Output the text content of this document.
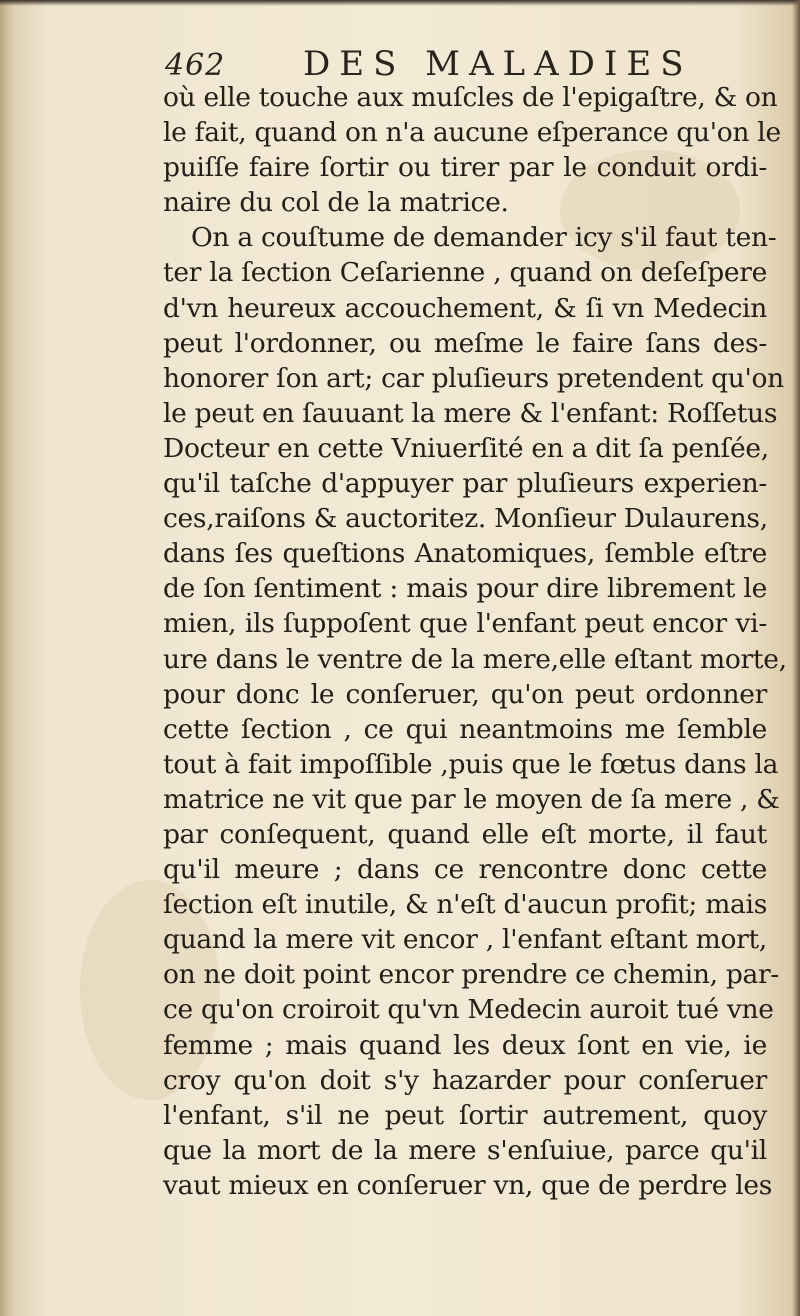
462 DES MALADIES
où elle touche aux muſcles de l'epigaſtre, & on
le fait, quand on n'a aucune eſperance qu'on le
puiſſe faire ſortir ou tirer par le conduit ordi-
naire du col de la matrice.
On a couſtume de demander icy s'il faut ten-
ter la ſection Ceſarienne , quand on deſeſpere
d'vn heureux accouchement, & ſi vn Medecin
peut l'ordonner, ou meſme le faire ſans des-
honorer ſon art; car pluſieurs pretendent qu'on
le peut en ſauuant la mere & l'enfant: Roſſetus
Docteur en cette Vniuerſité en a dit ſa penſée,
qu'il taſche d'appuyer par pluſieurs experien-
ces,raiſons & auctoritez. Monſieur Dulaurens,
dans ſes queſtions Anatomiques, ſemble eſtre
de ſon ſentiment : mais pour dire librement le
mien, ils ſuppoſent que l'enfant peut encor vi-
ure dans le ventre de la mere,elle eſtant morte,
pour donc le conſeruer, qu'on peut ordonner
cette ſection , ce qui neantmoins me ſemble
tout à fait impoſſible ,puis que le fœtus dans la
matrice ne vit que par le moyen de ſa mere , &
par conſequent, quand elle eſt morte, il faut
qu'il meure ; dans ce rencontre donc cette
ſection eſt inutile, & n'eſt d'aucun profit; mais
quand la mere vit encor , l'enfant eſtant mort,
on ne doit point encor prendre ce chemin, par-
ce qu'on croiroit qu'vn Medecin auroit tué vne
femme ; mais quand les deux ſont en vie, ie
croy qu'on doit s'y hazarder pour conſeruer
l'enfant, s'il ne peut ſortir autrement, quoy
que la mort de la mere s'enſuiue, parce qu'il
vaut mieux en conſeruer vn, que de perdre les
